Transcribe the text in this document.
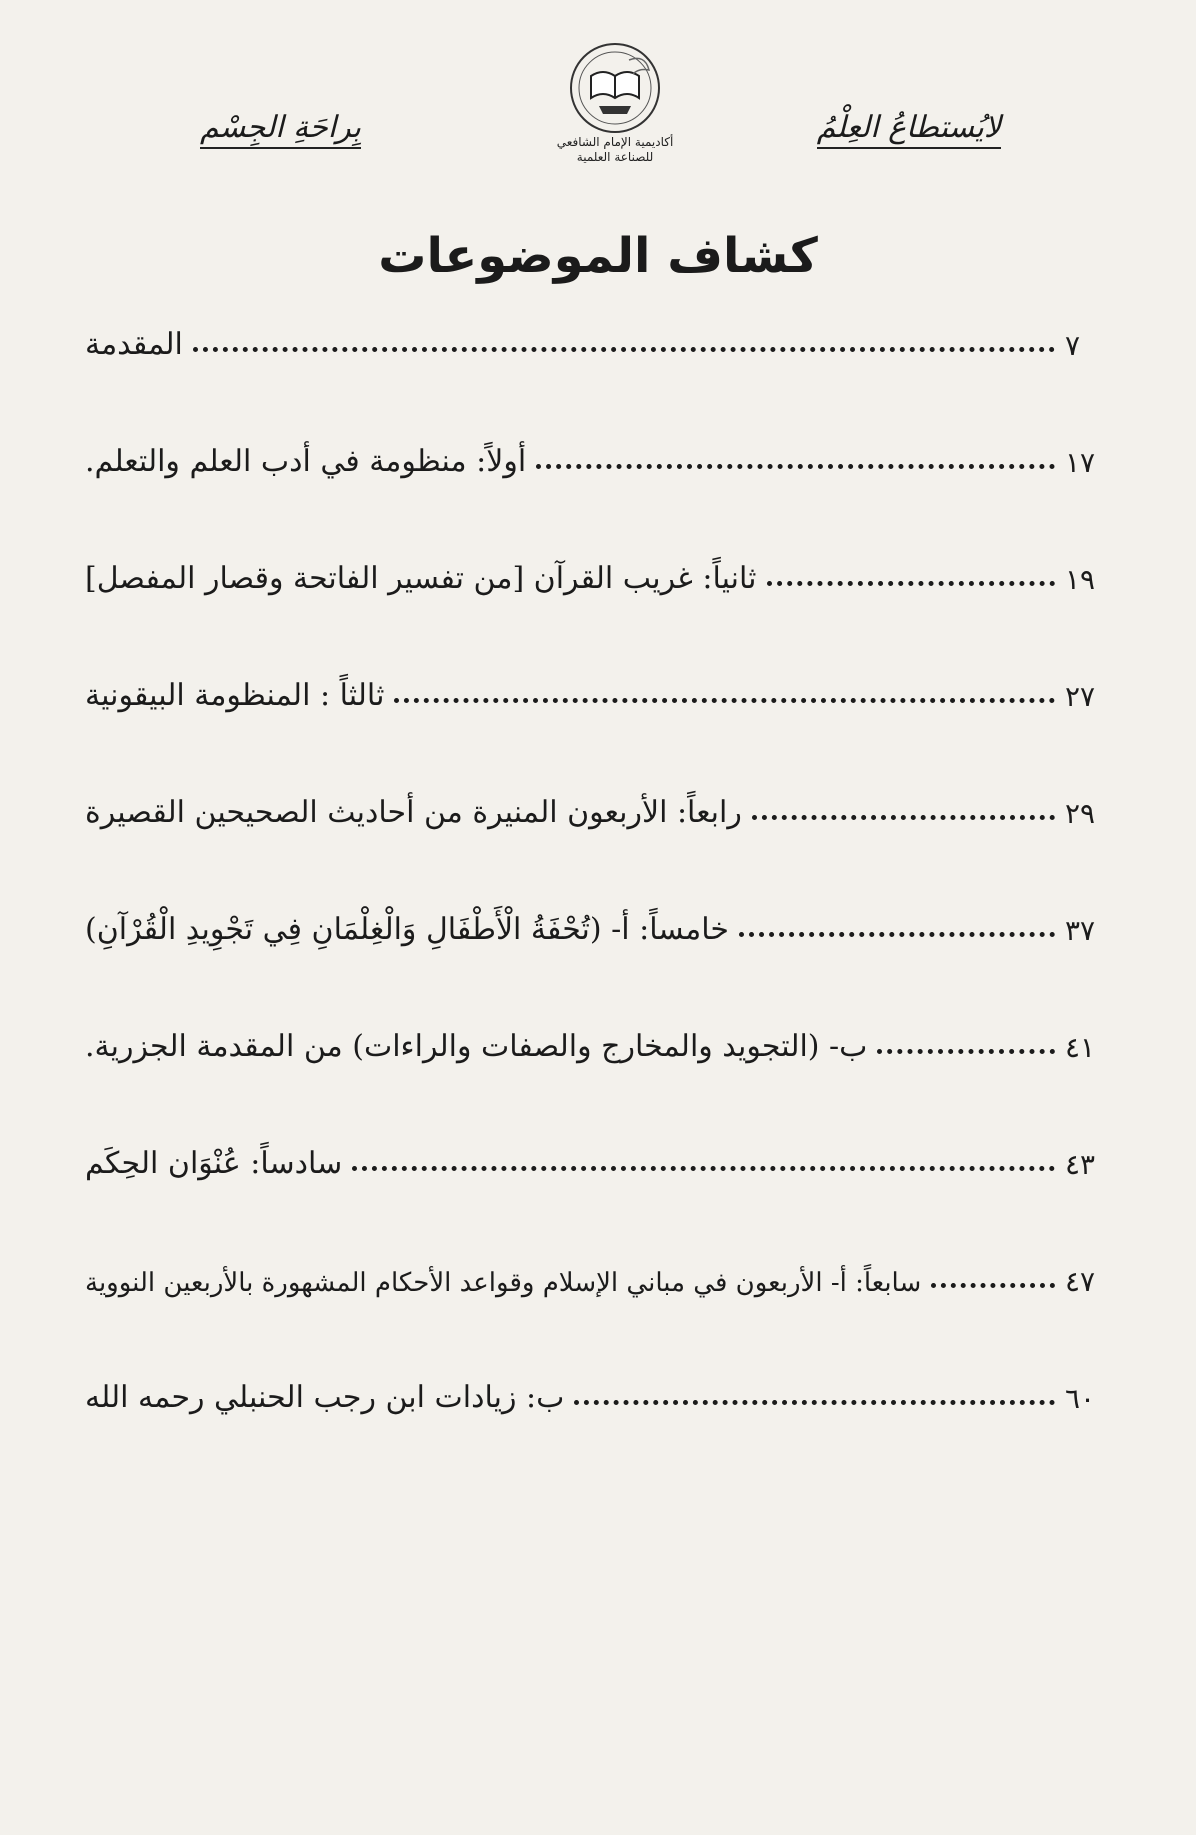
لايُستطاعُ العِلْمُ
أكاديمية الإمام الشافعي
للصناعة العلمية
بِراحَةِ الجِسْم
كشاف الموضوعات
المقدمة	٧
أولاً: منظومة في أدب العلم والتعلم.	١٧
ثانياً: غريب القرآن [من تفسير الفاتحة وقصار المفصل]	١٩
ثالثاً : المنظومة البيقونية	٢٧
رابعاً: الأربعون المنيرة من أحاديث الصحيحين القصيرة	٢٩
خامساً: أ- (تُحْفَةُ الْأَطْفَالِ وَالْغِلْمَانِ فِي تَجْوِيدِ الْقُرْآنِ)	٣٧
ب- (التجويد والمخارج والصفات والراءات) من المقدمة الجزرية.	٤١
سادساً: عُنْوَان الحِكَم	٤٣
سابعاً: أ- الأربعون في مباني الإسلام وقواعد الأحكام المشهورة بالأربعين النووية	٤٧
ب: زيادات ابن رجب الحنبلي رحمه الله	٦٠
